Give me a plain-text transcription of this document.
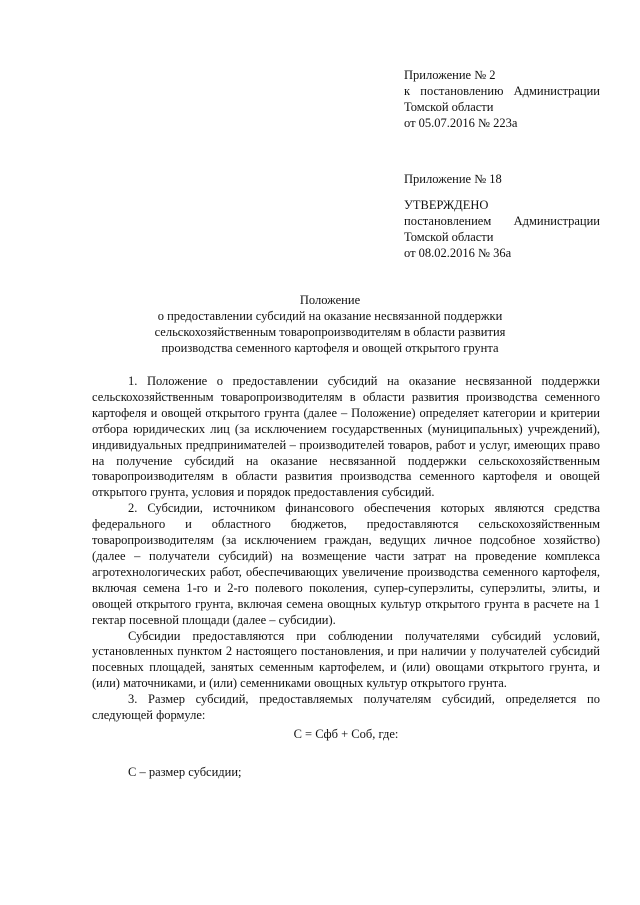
Приложение № 2
к постановлению Администрации
Томской области
от 05.07.2016 № 223а
Приложение № 18
УТВЕРЖДЕНО
постановлением Администрации
Томской области
от 08.02.2016 № 36а
Положение
о предоставлении субсидий на оказание несвязанной поддержки
сельскохозяйственным товаропроизводителям в области развития
производства семенного картофеля и овощей открытого грунта

1. Положение о предоставлении субсидий на оказание несвязанной поддержки сельскохозяйственным товаропроизводителям в области развития производства семенного картофеля и овощей открытого грунта (далее – Положение) определяет категории и критерии отбора юридических лиц (за исключением государственных (муниципальных) учреждений), индивидуальных предпринимателей – производителей товаров, работ и услуг, имеющих право на получение субсидий на оказание несвязанной поддержки сельскохозяйственным товаропроизводителям в области развития производства семенного картофеля и овощей открытого грунта, условия и порядок предоставления субсидий.

2. Субсидии, источником финансового обеспечения которых являются средства федерального и областного бюджетов, предоставляются сельскохозяйственным товаропроизводителям (за исключением граждан, ведущих личное подсобное хозяйство) (далее – получатели субсидий) на возмещение части затрат на проведение комплекса агротехнологических работ, обеспечивающих увеличение производства семенного картофеля, включая семена 1-го и 2-го полевого поколения, супер-суперэлиты, суперэлиты, элиты, и овощей открытого грунта, включая семена овощных культур открытого грунта в расчете на 1 гектар посевной площади (далее – субсидии).

Субсидии предоставляются при соблюдении получателями субсидий условий, установленных пунктом 2 настоящего постановления, и при наличии у получателей субсидий посевных площадей, занятых семенным картофелем, и (или) овощами открытого грунта, и (или) маточниками, и (или) семенниками овощных культур открытого грунта.

3. Размер субсидий, предоставляемых получателям субсидий, определяется по следующей формуле:

С = Сфб + Соб, где:

С – размер субсидии;
